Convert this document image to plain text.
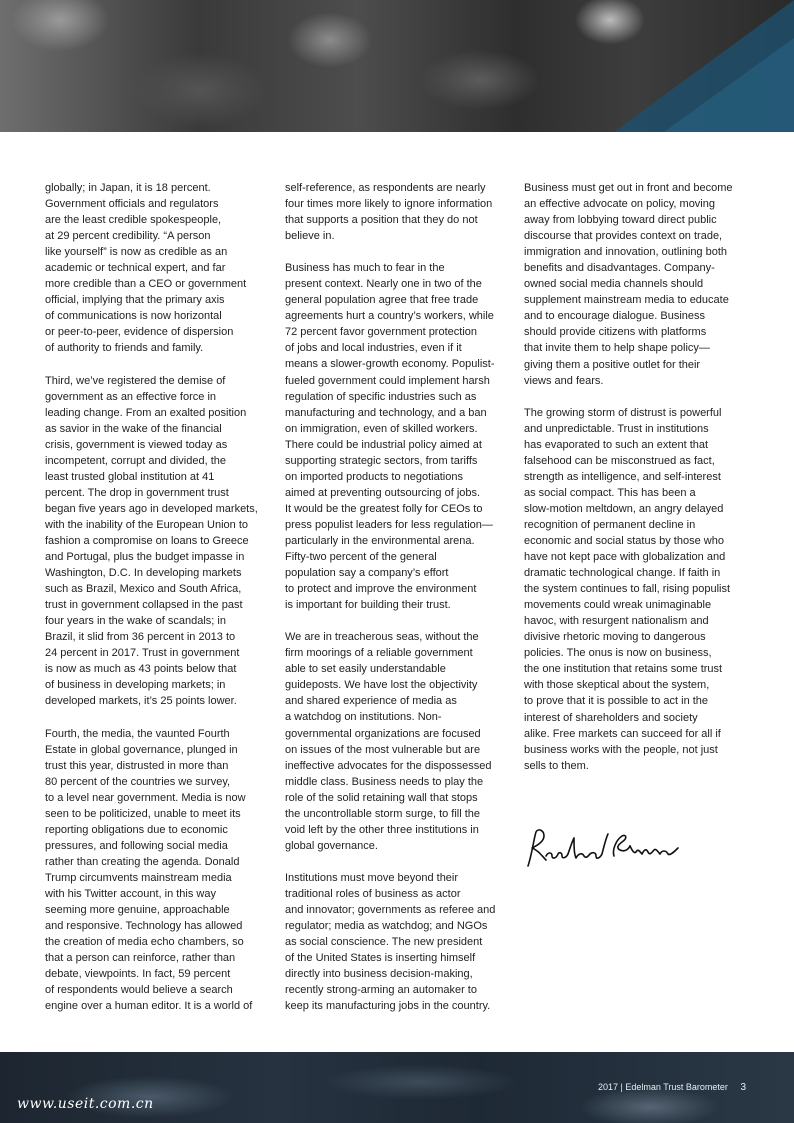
globally; in Japan, it is 18 percent.
Government officials and regulators
are the least credible spokespeople,
at 29 percent credibility. “A person
like yourself” is now as credible as an
academic or technical expert, and far
more credible than a CEO or government
official, implying that the primary axis
of communications is now horizontal
or peer-to-peer, evidence of dispersion
of authority to friends and family.

Third, we’ve registered the demise of
government as an effective force in
leading change. From an exalted position
as savior in the wake of the financial
crisis, government is viewed today as
incompetent, corrupt and divided, the
least trusted global institution at 41
percent. The drop in government trust
began five years ago in developed markets,
with the inability of the European Union to
fashion a compromise on loans to Greece
and Portugal, plus the budget impasse in
Washington, D.C. In developing markets
such as Brazil, Mexico and South Africa,
trust in government collapsed in the past
four years in the wake of scandals; in
Brazil, it slid from 36 percent in 2013 to
24 percent in 2017. Trust in government
is now as much as 43 points below that
of business in developing markets; in
developed markets, it’s 25 points lower.

Fourth, the media, the vaunted Fourth
Estate in global governance, plunged in
trust this year, distrusted in more than
80 percent of the countries we survey,
to a level near government. Media is now
seen to be politicized, unable to meet its
reporting obligations due to economic
pressures, and following social media
rather than creating the agenda. Donald
Trump circumvents mainstream media
with his Twitter account, in this way
seeming more genuine, approachable
and responsive. Technology has allowed
the creation of media echo chambers, so
that a person can reinforce, rather than
debate, viewpoints. In fact, 59 percent
of respondents would believe a search
engine over a human editor. It is a world of

self-reference, as respondents are nearly
four times more likely to ignore information
that supports a position that they do not
believe in.

Business has much to fear in the
present context. Nearly one in two of the
general population agree that free trade
agreements hurt a country’s workers, while
72 percent favor government protection
of jobs and local industries, even if it
means a slower-growth economy. Populist-
fueled government could implement harsh
regulation of specific industries such as
manufacturing and technology, and a ban
on immigration, even of skilled workers.
There could be industrial policy aimed at
supporting strategic sectors, from tariffs
on imported products to negotiations
aimed at preventing outsourcing of jobs.
It would be the greatest folly for CEOs to
press populist leaders for less regulation—
particularly in the environmental arena.
Fifty-two percent of the general
population say a company’s effort
to protect and improve the environment
is important for building their trust.

We are in treacherous seas, without the
firm moorings of a reliable government
able to set easily understandable
guideposts. We have lost the objectivity
and shared experience of media as
a watchdog on institutions. Non-
governmental organizations are focused
on issues of the most vulnerable but are
ineffective advocates for the dispossessed
middle class. Business needs to play the
role of the solid retaining wall that stops
the uncontrollable storm surge, to fill the
void left by the other three institutions in
global governance.

Institutions must move beyond their
traditional roles of business as actor
and innovator; governments as referee and
regulator; media as watchdog; and NGOs
as social conscience. The new president
of the United States is inserting himself
directly into business decision-making,
recently strong-arming an automaker to
keep its manufacturing jobs in the country.

Business must get out in front and become
an effective advocate on policy, moving
away from lobbying toward direct public
discourse that provides context on trade,
immigration and innovation, outlining both
benefits and disadvantages. Company-
owned social media channels should
supplement mainstream media to educate
and to encourage dialogue. Business
should provide citizens with platforms
that invite them to help shape policy—
giving them a positive outlet for their
views and fears.

The growing storm of distrust is powerful
and unpredictable. Trust in institutions
has evaporated to such an extent that
falsehood can be misconstrued as fact,
strength as intelligence, and self-interest
as social compact. This has been a
slow-motion meltdown, an angry delayed
recognition of permanent decline in
economic and social status by those who
have not kept pace with globalization and
dramatic technological change. If faith in
the system continues to fall, rising populist
movements could wreak unimaginable
havoc, with resurgent nationalism and
divisive rhetoric moving to dangerous
policies. The onus is now on business,
the one institution that retains some trust
with those skeptical about the system,
to prove that it is possible to act in the
interest of shareholders and society
alike. Free markets can succeed for all if
business works with the people, not just
sells to them.

2017 | Edelman Trust Barometer 3
www.useit.com.cn
